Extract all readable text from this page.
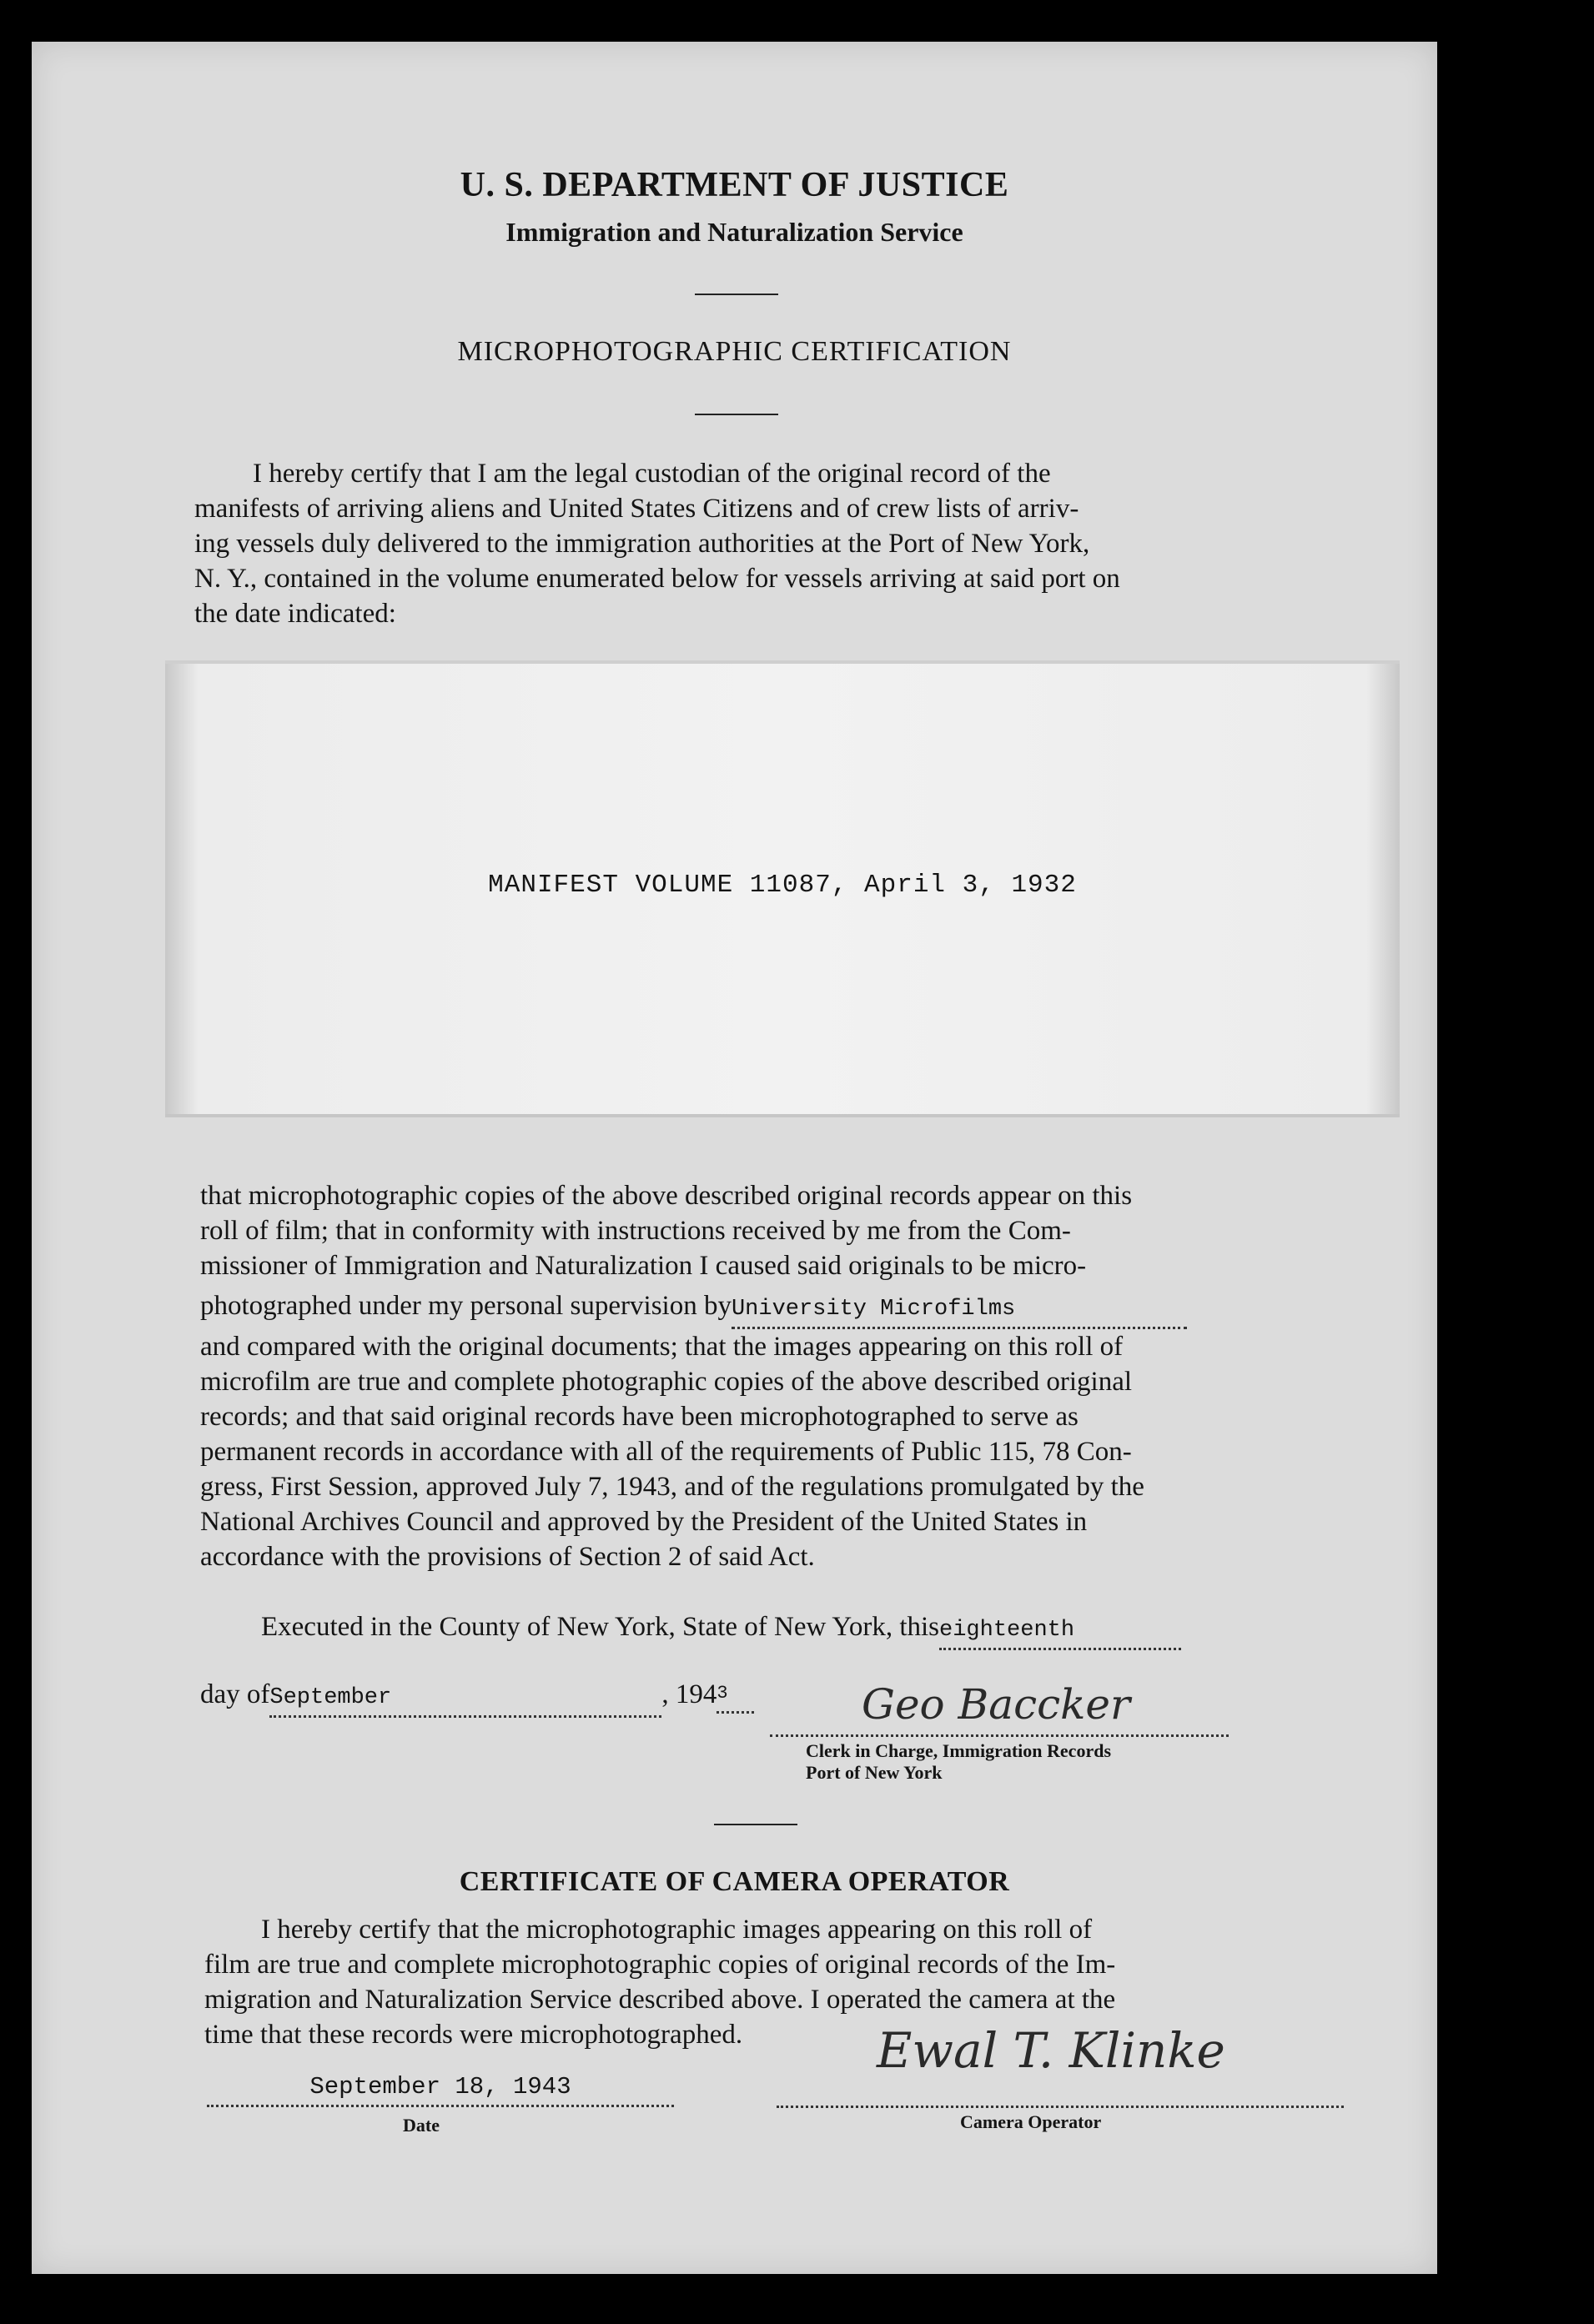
U. S. DEPARTMENT OF JUSTICE
Immigration and Naturalization Service
MICROPHOTOGRAPHIC CERTIFICATION

I hereby certify that I am the legal custodian of the original record of the

manifests of arriving aliens and United States Citizens and of crew lists of arriv-

ing vessels duly delivered to the immigration authorities at the Port of New York,

N. Y., contained in the volume enumerated below for vessels arriving at said port on

the date indicated:

MANIFEST VOLUME 11087, April 3, 1932

that microphotographic copies of the above described original records appear on this

roll of film; that in conformity with instructions received by me from the Com-

missioner of Immigration and Naturalization I caused said originals to be micro-

photographed under my personal supervision byUniversity Microfilms

and compared with the original documents; that the images appearing on this roll of

microfilm are true and complete photographic copies of the above described original

records; and that said original records have been microphotographed to serve as

permanent records in accordance with all of the requirements of Public 115, 78 Con-

gress, First Session, approved July 7, 1943, and of the regulations promulgated by the

National Archives Council and approved by the President of the United States in

accordance with the provisions of Section 2 of said Act.

Executed in the County of New York, State of New York, thiseighteenth
day ofSeptember	, 1943	Geo Baccker
Clerk in Charge, Immigration Records
Port of New York
CERTIFICATE OF CAMERA OPERATOR

I hereby certify that the microphotographic images appearing on this roll of

film are true and complete microphotographic copies of original records of the Im-

migration and Naturalization Service described above. I operated the camera at the

time that these records were microphotographed.

September 18, 1943
Date
Ewal T. Klinke
Camera Operator
